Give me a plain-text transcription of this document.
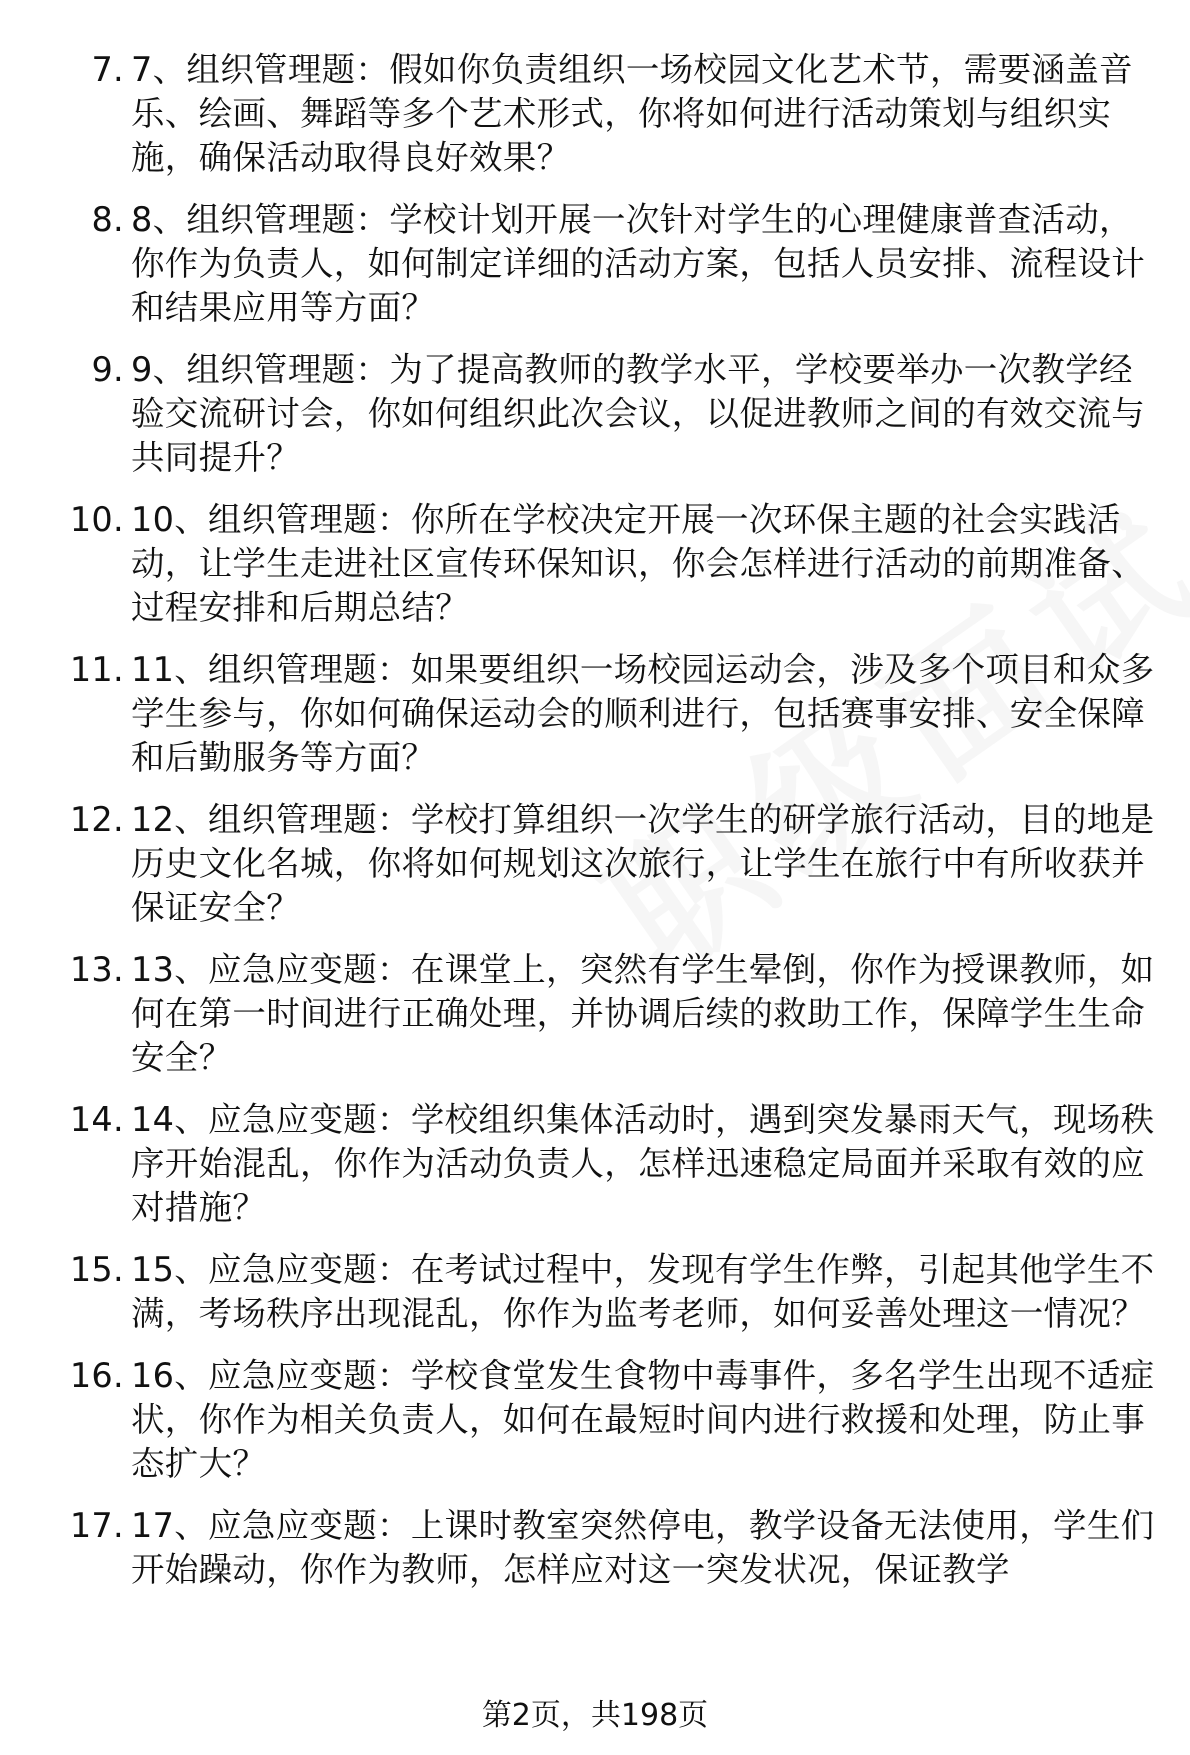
7. 7、组织管理题：假如你负责组织一场校园文化艺术节，需要涵盖音乐、绘画、舞蹈等多个艺术形式，你将如何进行活动策划与组织实施，确保活动取得良好效果？
8. 8、组织管理题：学校计划开展一次针对学生的心理健康普查活动，你作为负责人，如何制定详细的活动方案，包括人员安排、流程设计和结果应用等方面？
9. 9、组织管理题：为了提高教师的教学水平，学校要举办一次教学经验交流研讨会，你如何组织此次会议，以促进教师之间的有效交流与共同提升？
10. 10、组织管理题：你所在学校决定开展一次环保主题的社会实践活动，让学生走进社区宣传环保知识，你会怎样进行活动的前期准备、过程安排和后期总结？
11. 11、组织管理题：如果要组织一场校园运动会，涉及多个项目和众多学生参与，你如何确保运动会的顺利进行，包括赛事安排、安全保障和后勤服务等方面？
12. 12、组织管理题：学校打算组织一次学生的研学旅行活动，目的地是历史文化名城，你将如何规划这次旅行，让学生在旅行中有所收获并保证安全？
13. 13、应急应变题：在课堂上，突然有学生晕倒，你作为授课教师，如何在第一时间进行正确处理，并协调后续的救助工作，保障学生生命安全？
14. 14、应急应变题：学校组织集体活动时，遇到突发暴雨天气，现场秩序开始混乱，你作为活动负责人，怎样迅速稳定局面并采取有效的应对措施？
15. 15、应急应变题：在考试过程中，发现有学生作弊，引起其他学生不满，考场秩序出现混乱，你作为监考老师，如何妥善处理这一情况？
16. 16、应急应变题：学校食堂发生食物中毒事件，多名学生出现不适症状，你作为相关负责人，如何在最短时间内进行救援和处理，防止事态扩大？
17. 17、应急应变题：上课时教室突然停电，教学设备无法使用，学生们开始躁动，你作为教师，怎样应对这一突发状况，保证教学
第2页，共198页
